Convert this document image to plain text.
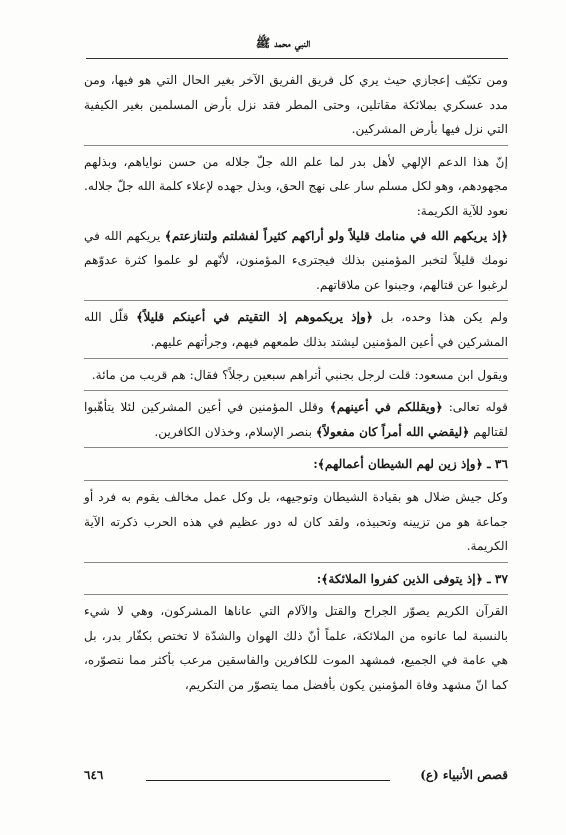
النبي محمد ﷺ

ومن تكيّف إعجازي حيث يري كل فريق الفريق الآخر بغير الحال التي هو فيها، ومن مدد عسكري بملائكة مقاتلين، وحتى المطر فقد نزل بأرض المسلمين بغير الكيفية التي نزل فيها بأرض المشركين.

إنّ هذا الدعم الإلهي لأهل بدر لما علم الله جلّ جلاله من حسن نواياهم، وبذلهم مجهودهم، وهو لكل مسلم سار على نهج الحق، وبذل جهده لإعلاء كلمة الله جلّ جلاله.

نعود للآية الكريمة:

﴿إذ يريكهم الله في منامك قليلاً ولو أراكهم كثيراً لفشلتم ولتنازعتم﴾ يريكهم الله في نومك قليلاً لتخبر المؤمنين بذلك فيجترىء المؤمنون، لأنّهم لو علموا كثرة عدوّهم لرغبوا عن قتالهم، وجبنوا عن ملاقاتهم.

ولم يكن هذا وحده، بل ﴿وإذ يريكموهم إذ التقيتم في أعينكم قليلاً﴾ قلّل الله المشركين في أعين المؤمنين ليشتد بذلك طمعهم فيهم، وجرأتهم عليهم.

ويقول ابن مسعود: قلت لرجل بجنبي أتراهم سبعين رجلاً؟ فقال: هم قريب من مائة.

قوله تعالى: ﴿ويقللكم في أعينهم﴾ وقلل المؤمنين في أعين المشركين لئلا يتأهّبوا لقتالهم ﴿ليقضي الله أمراً كان مفعولاً﴾ بنصر الإسلام، وخذلان الكافرين.

٣٦ ـ ﴿وإذ زين لهم الشيطان أعمالهم﴾:

وكل جيش ضلال هو بقيادة الشيطان وتوجيهه، بل وكل عمل مخالف يقوم به فرد أو جماعة هو من تزيينه وتحبيذه، ولقد كان له دور عظيم في هذه الحرب ذكرته الآية الكريمة.

٣٧ ـ ﴿إذ يتوفى الذين كفروا الملائكة﴾:

القرآن الكريم يصوّر الجراح والقتل والآلام التي عاناها المشركون، وهي لا شيء بالنسبة لما عانوه من الملائكة، علماً أنّ ذلك الهوان والشدّة لا تختص بكفّار بدر، بل هي عامة في الجميع، فمشهد الموت للكافرين والفاسقين مرعب بأكثر مما نتصوّره، كما انّ مشهد وفاة المؤمنين يكون بأفضل مما يتصوّر من التكريم،

قصص الأنبياء (ع)
٦٤٦
